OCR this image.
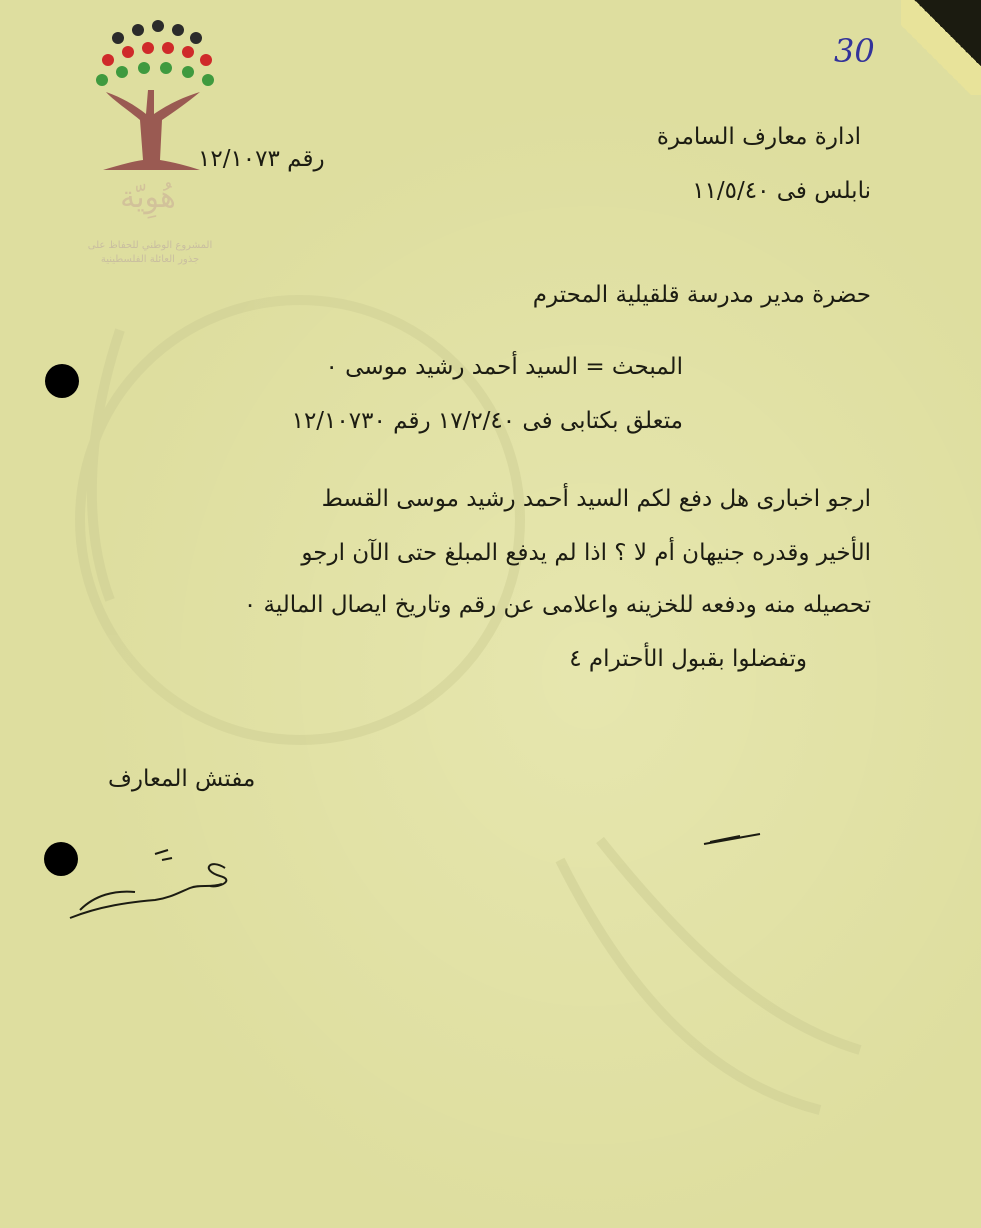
هُوِيّة
المشروع الوطني للحفاظ على
جذور العائلة الفلسطينية
30
ادارة معارف السامرة
نابلس فى ١١/٥/٤٠
رقم ١٢/١٠٧٣
حضرة مدير مدرسة قلقيلية المحترم
المبحث = السيد أحمد رشيد موسى ٠
متعلق بكتابى فى ١٧/٢/٤٠ رقم ١٢/١٠٧٣٠
ارجو اخبارى هل دفع لكم السيد أحمد رشيد موسى القسط
الأخير وقدره جنيهان أم لا ؟ اذا لم يدفع المبلغ حتى الآن ارجو
تحصيله منه ودفعه للخزينه واعلامى عن رقم وتاريخ ايصال المالية ٠
وتفضلوا بقبول الأحترام ٤
مفتش المعارف
